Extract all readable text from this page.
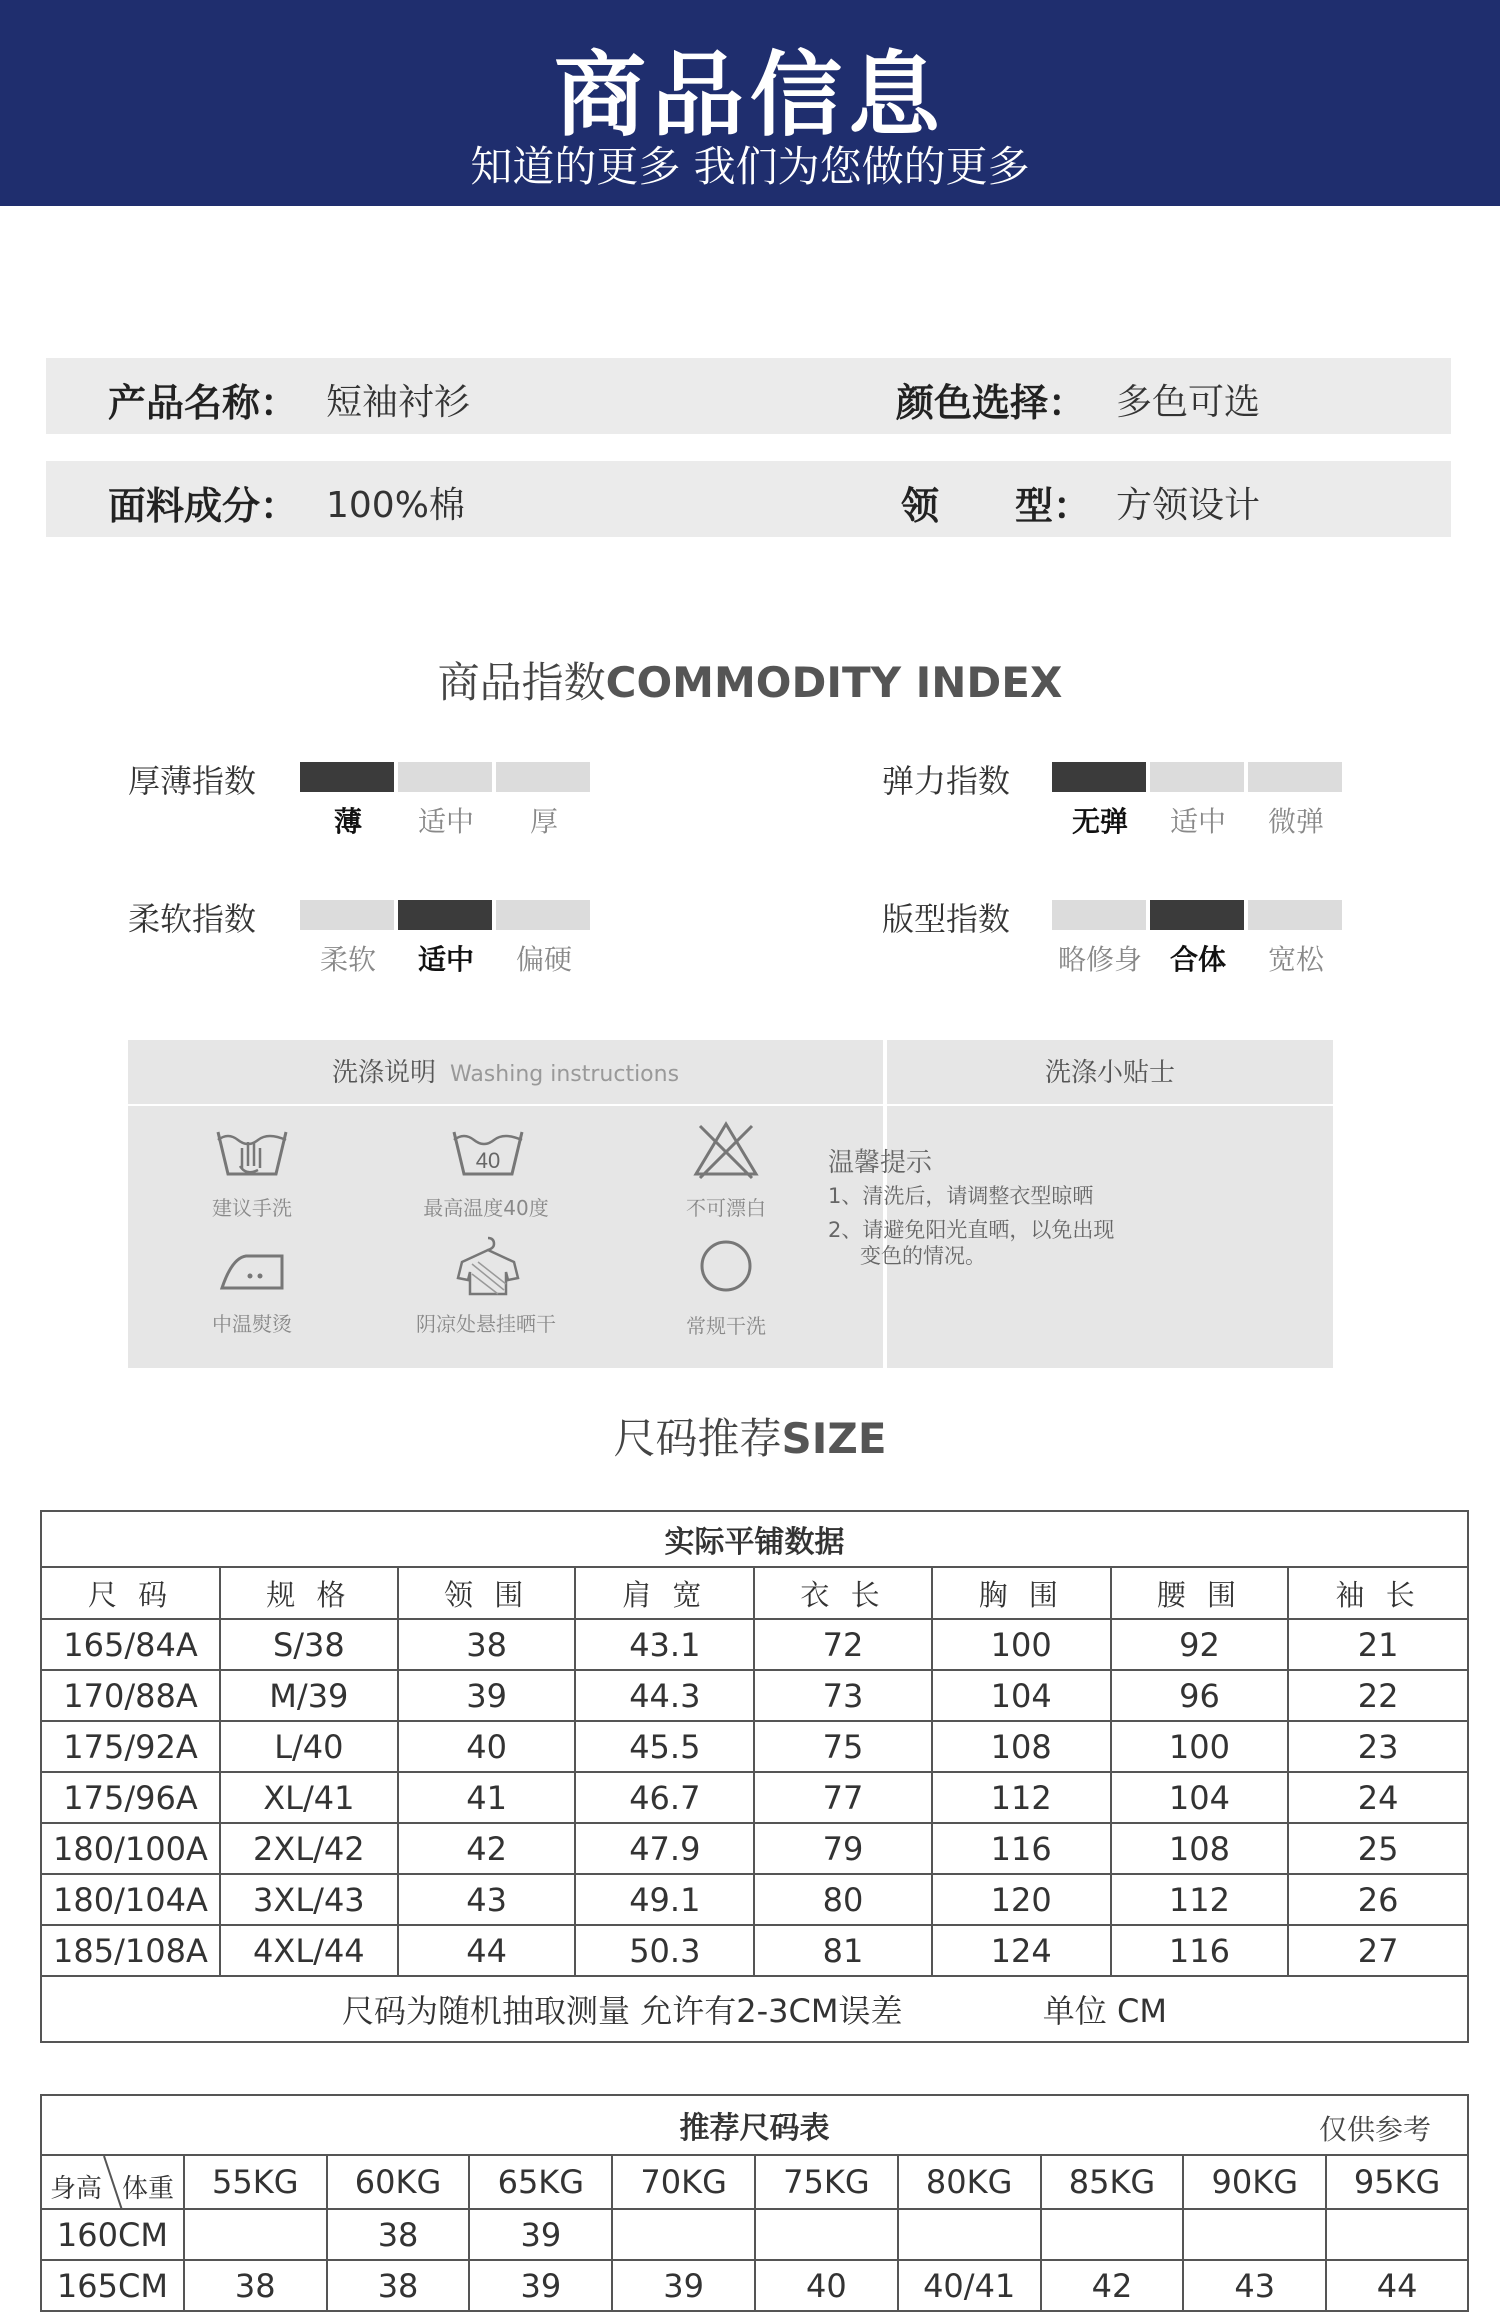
商品信息
知道的更多 我们为您做的更多
产品名称： 短袖衬衫	颜色选择： 多色可选
面料成分： 100%棉	领　　型： 方领设计
商品指数COMMODITY INDEX
厚薄指数
薄	适中	厚
弹力指数
无弹	适中	微弹
柔软指数
柔软	适中	偏硬
版型指数
略修身 合体	宽松
洗涤说明 Washing instructions	洗涤小贴士
建议手洗
40
最高温度40度	不可漂白
中温熨烫	阴凉处悬挂晒干	常规干洗
温馨提示
1、清洗后，请调整衣型晾晒
2、请避免阳光直晒，以免出现
变色的情况。
尺码推荐SIZE
实际平铺数据							
尺 码	规 格	领 围	肩 宽	衣 长	胸 围	腰 围	袖 长
165/84A	S/38	38	43.1	72	100	92	21
170/88A	M/39	39	44.3	73	104	96	22
175/92A	L/40	40	45.5	75	108	100	23
175/96A	XL/41	41	46.7	77	112	104	24
180/100A	2XL/42	42	47.9	79	116	108	25
180/104A	3XL/43	43	49.1	80	120	112	26
185/108A	4XL/44	44	50.3	81	124	116	27
尺码为随机抽取测量 允许有2-3CM误差 单位 CM							
推荐尺码表 仅供参考									

身高 体重	55KG	60KG	65KG	70KG	75KG	80KG	85KG	90KG	95KG
160CM		38	39						
165CM	38	38	39	39	40	40/41	42	43	44
